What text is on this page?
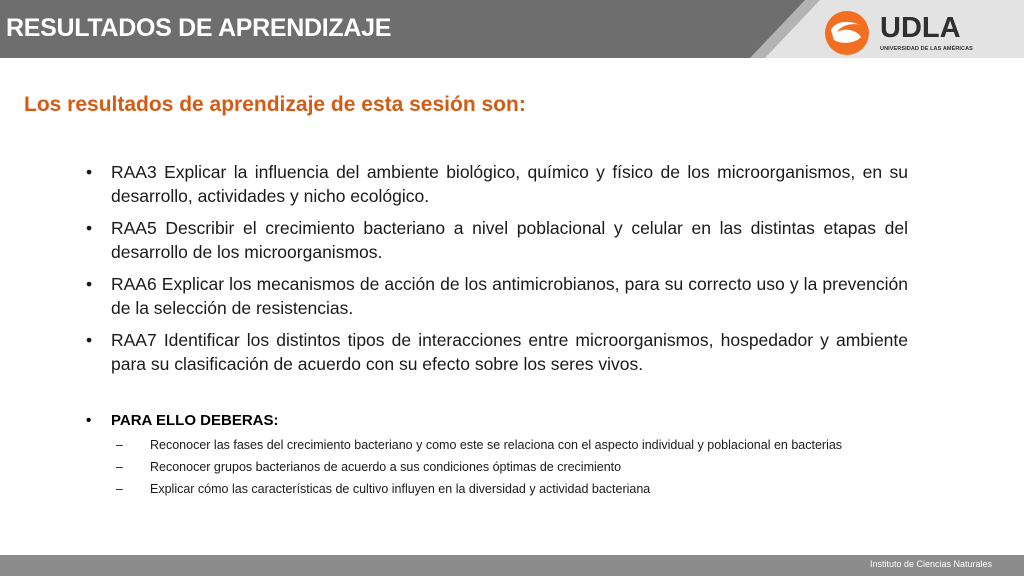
RESULTADOS DE APRENDIZAJE	UDLA
UNIVERSIDAD DE LAS AMÉRICAS
Los resultados de aprendizaje de esta sesión son:
• RAA3 Explicar la influencia del ambiente biológico, químico y físico de los microorganismos, en su desarrollo, actividades y nicho ecológico.
• RAA5 Describir el crecimiento bacteriano a nivel poblacional y celular en las distintas etapas del desarrollo de los microorganismos.
• RAA6 Explicar los mecanismos de acción de los antimicrobianos, para su correcto uso y la prevención de la selección de resistencias.
• RAA7 Identificar los distintos tipos de interacciones entre microorganismos, hospedador y ambiente para su clasificación de acuerdo con su efecto sobre los seres vivos.
• PARA ELLO DEBERAS:
– Reconocer las fases del crecimiento bacteriano y como este se relaciona con el aspecto individual y poblacional en bacterias
– Reconocer grupos bacterianos de acuerdo a sus condiciones óptimas de crecimiento
– Explicar cómo las características de cultivo influyen en la diversidad y actividad bacteriana
Instituto de Ciencias Naturales
